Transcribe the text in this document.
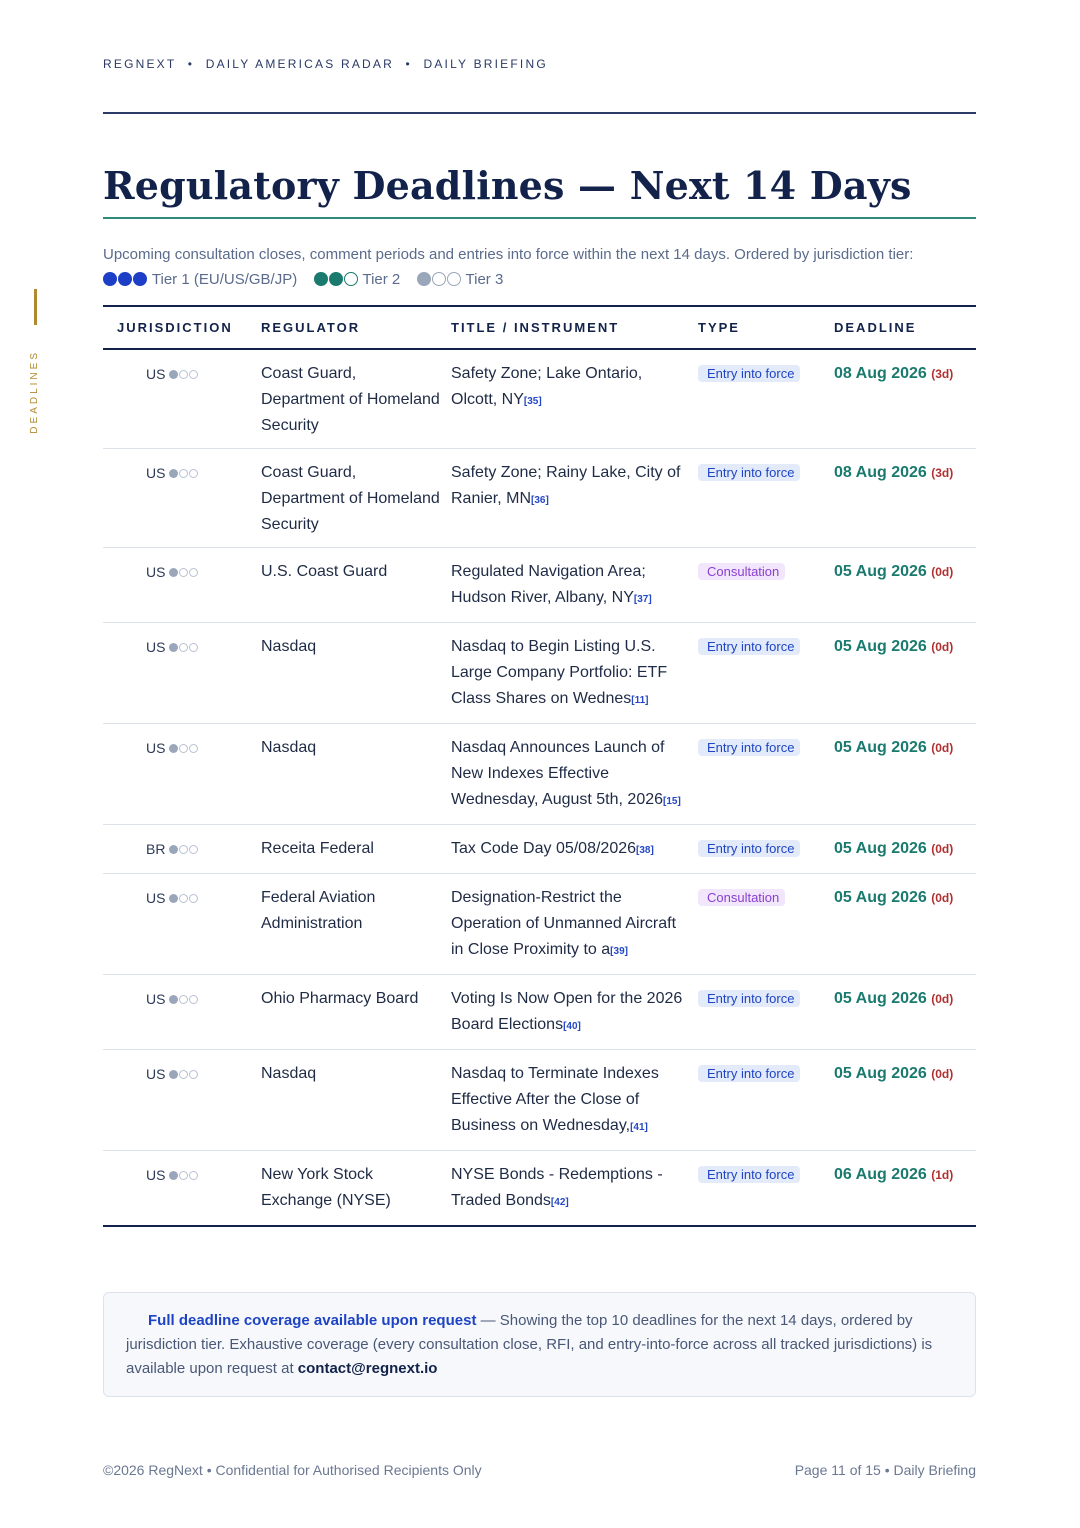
REGNEXT • DAILY AMERICAS RADAR • DAILY BRIEFING
DEADLINES
Regulatory Deadlines — Next 14 Days
Upcoming consultation closes, comment periods and entries into force within the next 14 days. Ordered by jurisdiction tier:
Tier 1 (EU/US/GB/JP)	Tier 2	Tier 3
JURISDICTION	REGULATOR	TITLE / INSTRUMENT	TYPE	DEADLINE
US	Coast Guard, Department of Homeland Security	Safety Zone; Lake Ontario, Olcott, NY[35]	Entry into force	08 Aug 2026 (3d)
US	Coast Guard, Department of Homeland Security	Safety Zone; Rainy Lake, City of Ranier, MN[36]	Entry into force	08 Aug 2026 (3d)
US	U.S. Coast Guard	Regulated Navigation Area; Hudson River, Albany, NY[37]	Consultation	05 Aug 2026 (0d)
US	Nasdaq	Nasdaq to Begin Listing U.S. Large Company Portfolio: ETF Class Shares on Wednes[11]	Entry into force	05 Aug 2026 (0d)
US	Nasdaq	Nasdaq Announces Launch of New Indexes Effective Wednesday, August 5th, 2026[15]	Entry into force	05 Aug 2026 (0d)
BR	Receita Federal	Tax Code Day 05/08/2026[38]	Entry into force	05 Aug 2026 (0d)
US	Federal Aviation Administration	Designation-Restrict the Operation of Unmanned Aircraft in Close Proximity to a[39]	Consultation	05 Aug 2026 (0d)
US	Ohio Pharmacy Board	Voting Is Now Open for the 2026 Board Elections[40]	Entry into force	05 Aug 2026 (0d)
US	Nasdaq	Nasdaq to Terminate Indexes Effective After the Close of Business on Wednesday,[41]	Entry into force	05 Aug 2026 (0d)
US	New York Stock Exchange (NYSE)	NYSE Bonds - Redemptions - Traded Bonds[42]	Entry into force	06 Aug 2026 (1d)
Full deadline coverage available upon request — Showing the top 10 deadlines for the next 14 days, ordered by jurisdiction tier. Exhaustive coverage (every consultation close, RFI, and entry-into-force across all tracked jurisdictions) is available upon request at contact@regnext.io
©2026 RegNext • Confidential for Authorised Recipients Only	Page 11 of 15 • Daily Briefing
